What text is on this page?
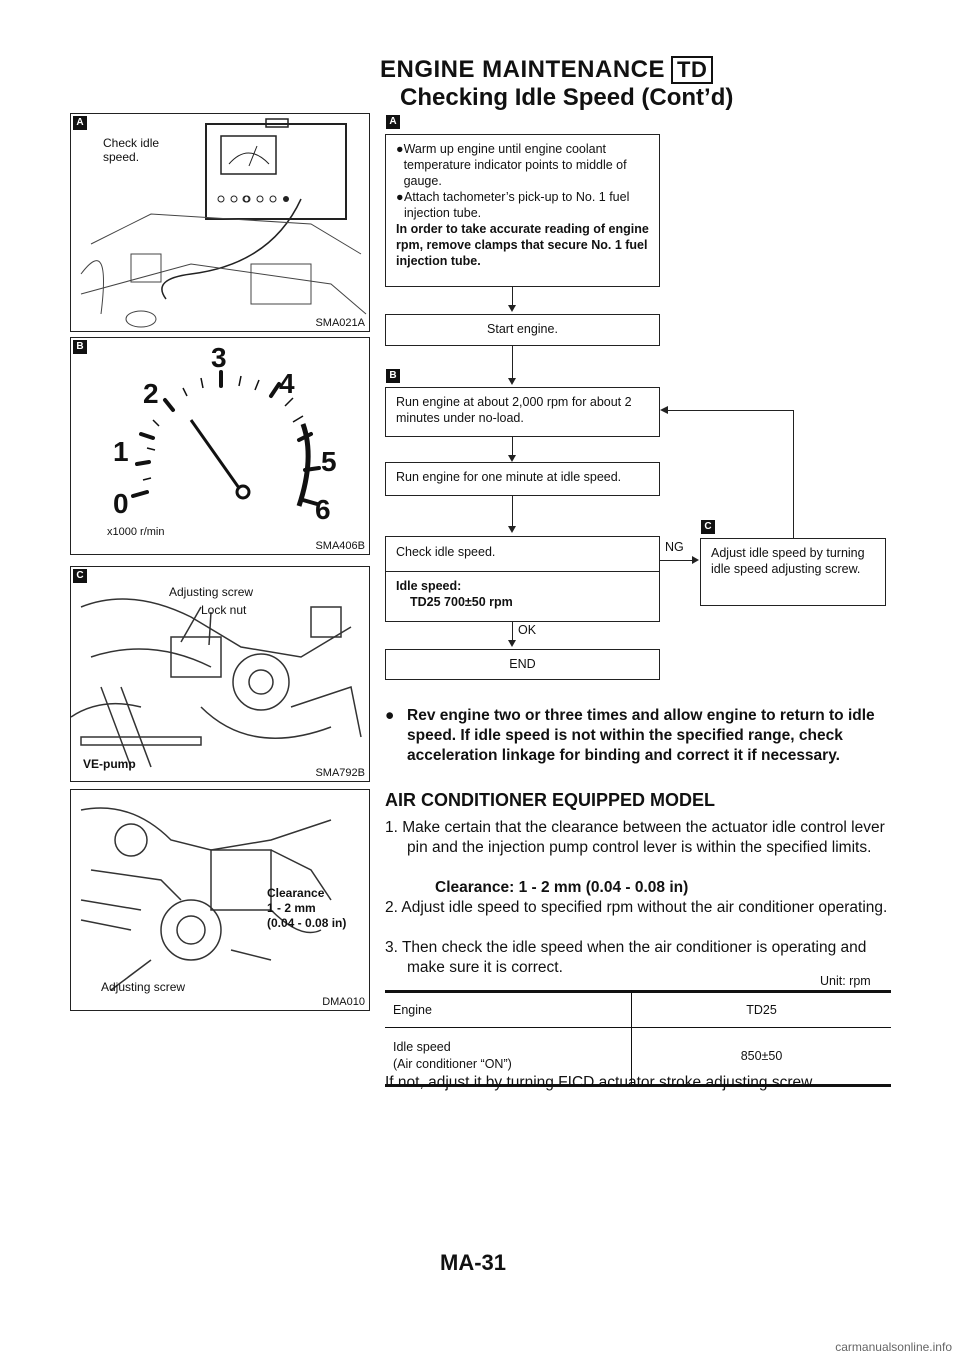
ENGINE MAINTENANCE TD
Checking Idle Speed (Cont’d)
A
Check idle
speed.
SMA021A
B
0
1
2
3
4
5
6
x1000 r/min
SMA406B
C
Adjusting screw
Lock nut
VE-pump
SMA792B
Clearance
1 - 2 mm
(0.04 - 0.08 in)
Adjusting screw
DMA010
A
● Warm up engine until engine coolant temperature indicator points to middle of gauge.
● Attach tachometer’s pick-up to No. 1 fuel injection tube.
In order to take accurate reading of engine rpm, remove clamps that secure No. 1 fuel injection tube.
Start engine.
B
Run engine at about 2,000 rpm for about 2 minutes under no-load.
Run engine for one minute at idle speed.
Check idle speed.
Idle speed:
TD25 700±50 rpm
NG
C
Adjust idle speed by turning idle speed adjusting screw.
OK
END
● Rev engine two or three times and allow engine to return to idle speed. If idle speed is not within the specified range, check acceleration linkage for binding and correct it if necessary.
AIR CONDITIONER EQUIPPED MODEL
1. Make certain that the clearance between the actuator idle control lever pin and the injection pump control lever is within the specified limits.
Clearance: 1 - 2 mm (0.04 - 0.08 in)
2. Adjust idle speed to specified rpm without the air conditioner operating.
3. Then check the idle speed when the air conditioner is operating and make sure it is correct.
Unit: rpm
Engine	TD25

Idle speed
(Air conditioner “ON”)	850±50
If not, adjust it by turning FICD actuator stroke adjusting screw.
MA-31
carmanualsonline.info
